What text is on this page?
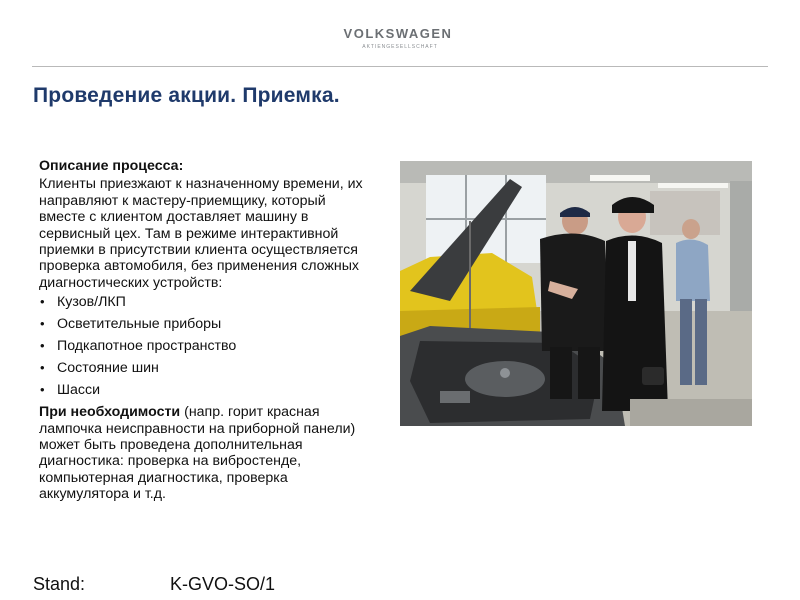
VOLKSWAGEN
AKTIENGESELLSCHAFT
Проведение акции. Приемка.

Описание процесса:

Клиенты приезжают к назначенному времени, их направляют к мастеру-приемщику, который вместе с клиентом доставляет машину в сервисный цех. Там в режиме интерактивной приемки в присутствии клиента осуществляется проверка автомобиля, без применения сложных диагностических устройств:

• Кузов/ЛКП
• Осветительные приборы
• Подкапотное пространство
• Состояние шин
• Шасси

При необходимости (напр. горит красная лампочка неисправности на приборной панели) может быть проведена дополнительная диагностика: проверка на вибростенде, компьютерная диагностика, проверка аккумулятора и т.д.

Stand:	K-GVO-SO/1
